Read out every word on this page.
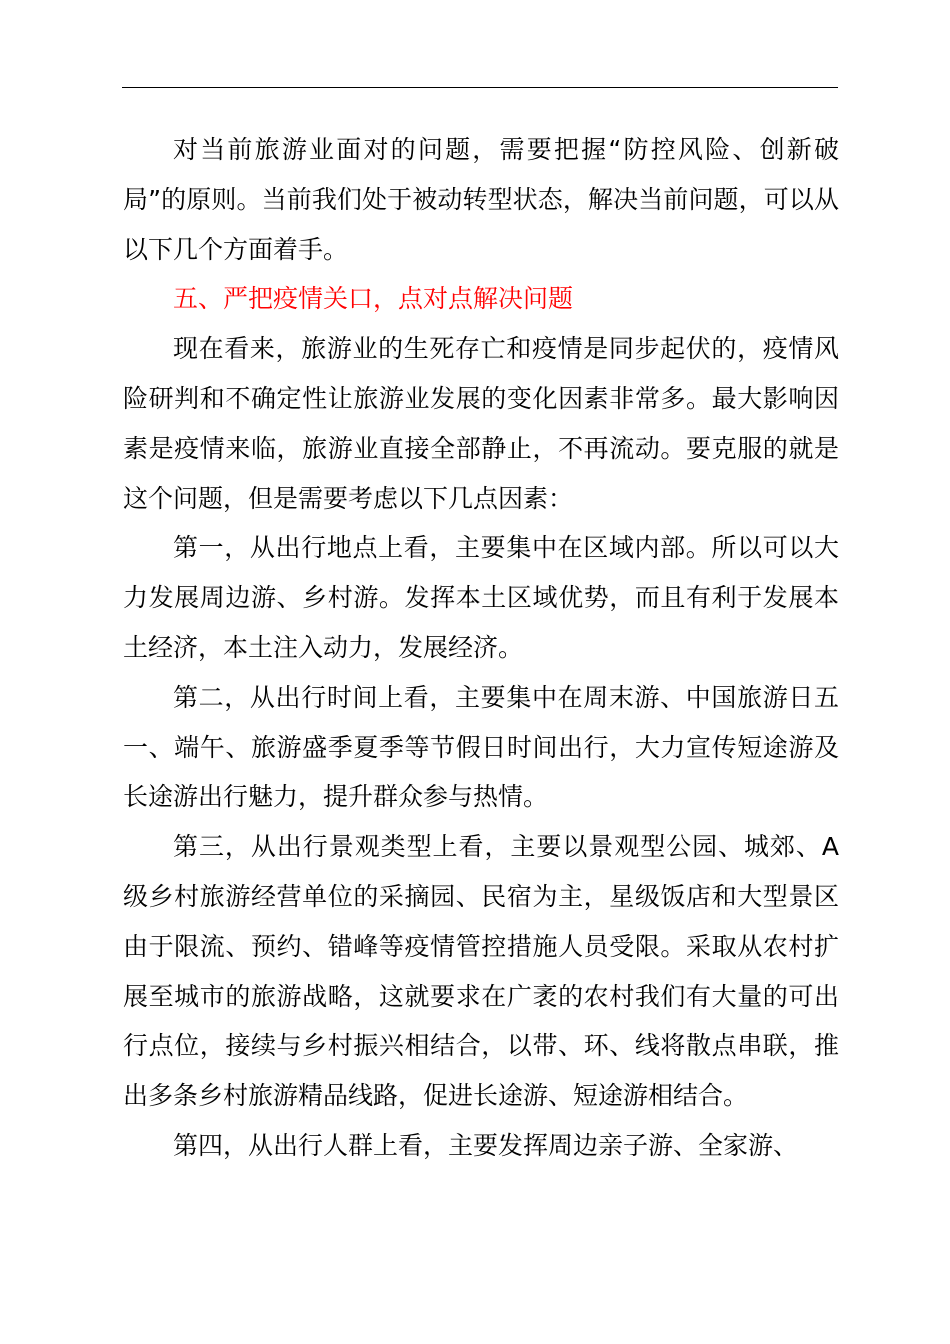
对当前旅游业面对的问题，需要把握“防控风险、创新破局”的原则。当前我们处于被动转型状态，解决当前问题，可以从以下几个方面着手。

五、严把疫情关口，点对点解决问题

现在看来，旅游业的生死存亡和疫情是同步起伏的，疫情风险研判和不确定性让旅游业发展的变化因素非常多。最大影响因素是疫情来临，旅游业直接全部静止，不再流动。要克服的就是这个问题，但是需要考虑以下几点因素：

第一，从出行地点上看，主要集中在区域内部。所以可以大力发展周边游、乡村游。发挥本土区域优势，而且有利于发展本土经济，本土注入动力，发展经济。

第二，从出行时间上看，主要集中在周末游、中国旅游日五一、端午、旅游盛季夏季等节假日时间出行，大力宣传短途游及长途游出行魅力，提升群众参与热情。

第三，从出行景观类型上看，主要以景观型公园、城郊、A级乡村旅游经营单位的采摘园、民宿为主，星级饭店和大型景区由于限流、预约、错峰等疫情管控措施人员受限。采取从农村扩展至城市的旅游战略，这就要求在广袤的农村我们有大量的可出行点位，接续与乡村振兴相结合，以带、环、线将散点串联，推出多条乡村旅游精品线路，促进长途游、短途游相结合。

第四，从出行人群上看，主要发挥周边亲子游、全家游、
